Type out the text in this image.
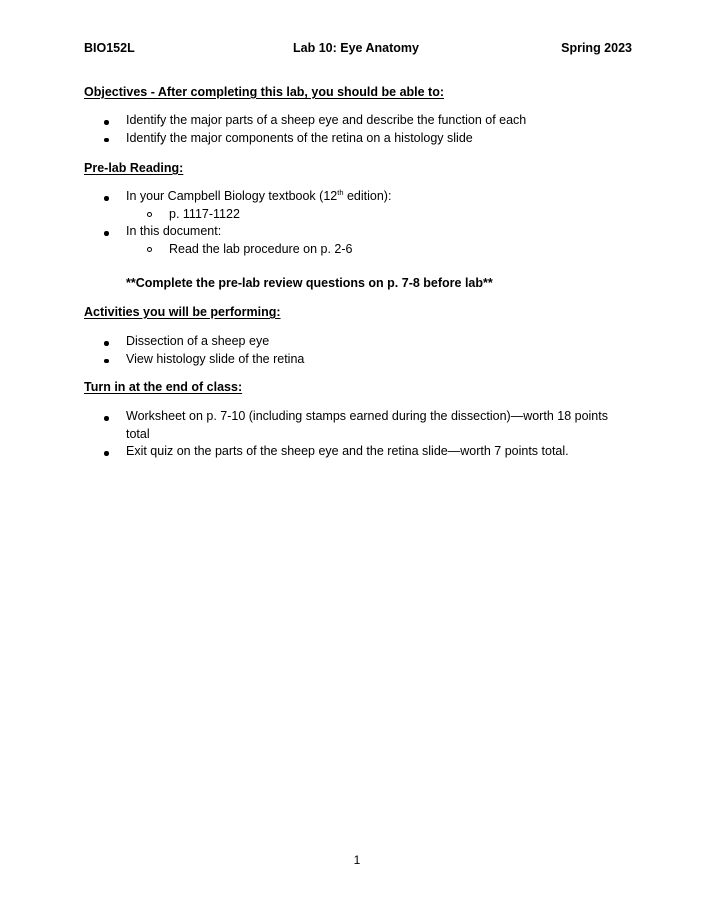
BIO152L	Lab 10: Eye Anatomy	Spring 2023
Objectives - After completing this lab, you should be able to:
Identify the major parts of a sheep eye and describe the function of each
Identify the major components of the retina on a histology slide
Pre-lab Reading:
In your Campbell Biology textbook (12th edition):
p. 1117-1122
In this document:
Read the lab procedure on p. 2-6
**Complete the pre-lab review questions on p. 7-8 before lab**
Activities you will be performing:
Dissection of a sheep eye
View histology slide of the retina
Turn in at the end of class:
Worksheet on p. 7-10 (including stamps earned during the dissection)—worth 18 points total
Exit quiz on the parts of the sheep eye and the retina slide—worth 7 points total.
1
